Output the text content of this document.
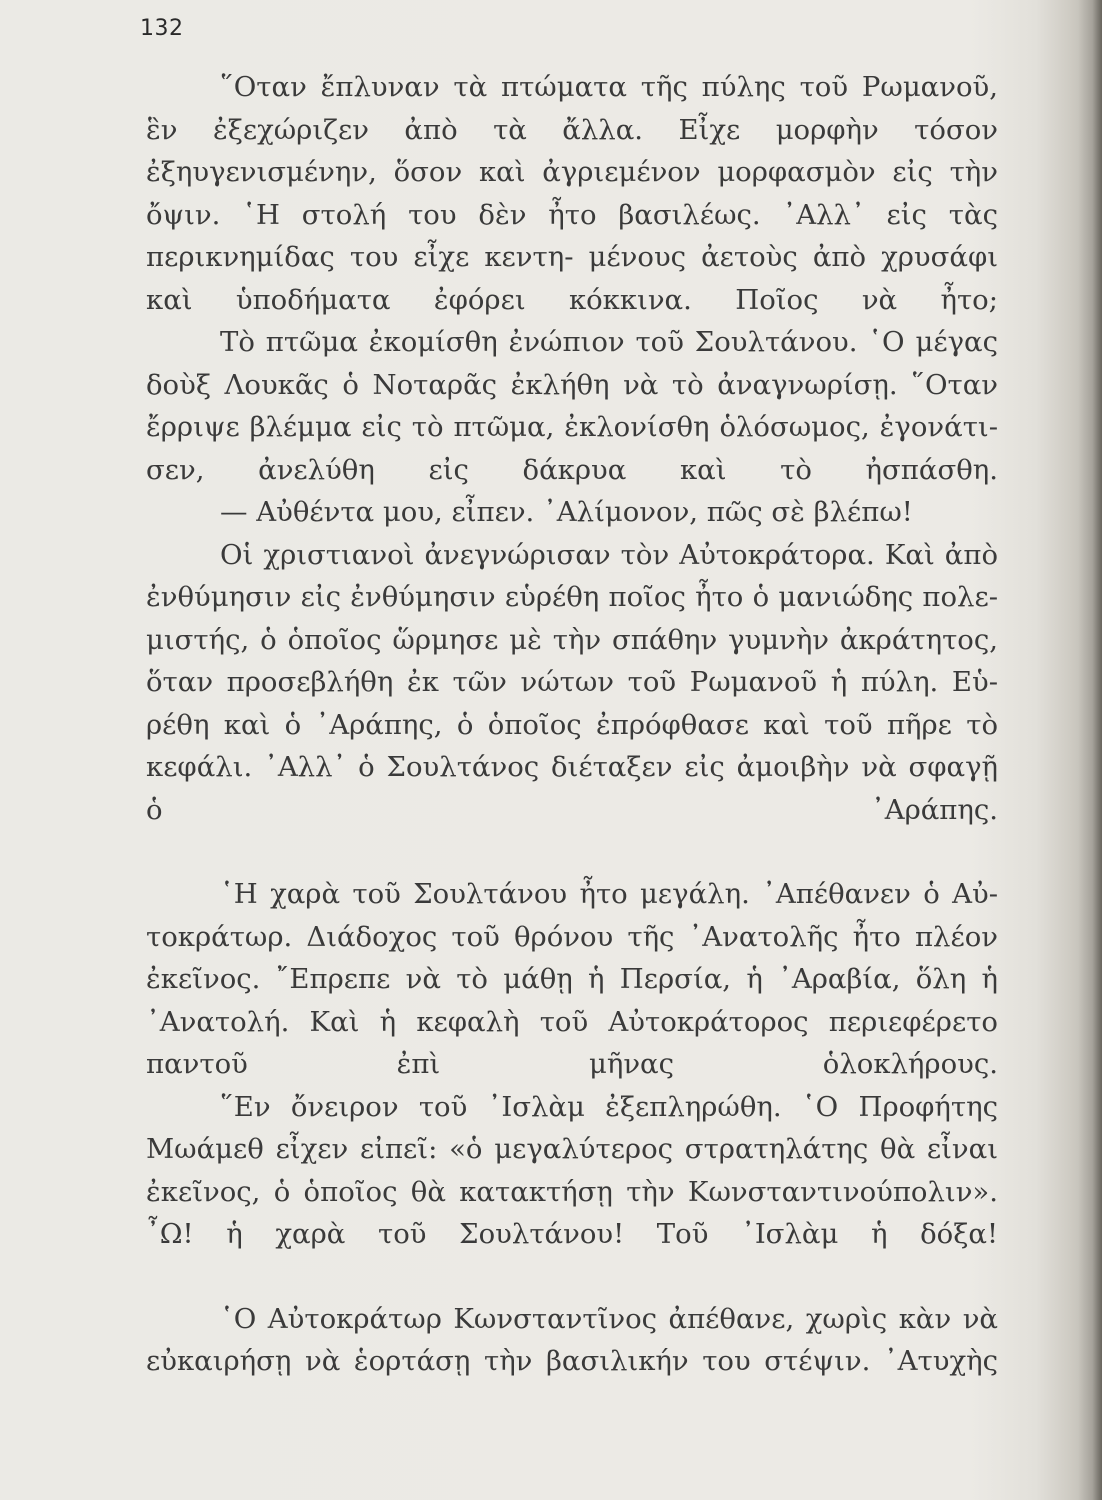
132

῞Οταν ἔπλυναν τὰ πτώματα τῆς πύλης τοῦ Ρωμανοῦ, ἓν ἐξεχώριζεν ἀπὸ τὰ ἄλλα. Εἶχε μορφὴν τόσον ἐξηυγενισμένην, ὅσον καὶ ἀγριεμένον μορφασμὸν εἰς τὴν ὄψιν. ῾Η στολή του δὲν ἦτο βασιλέως. ᾿Αλλ᾿ εἰς τὰς περικνημίδας του εἶχε κεντη- μένους ἀετοὺς ἀπὸ χρυσάφι καὶ ὑποδήματα ἐφόρει κόκκινα. Ποῖος νὰ ἦτο;

Τὸ πτῶμα ἐκομίσθη ἐνώπιον τοῦ Σουλτάνου. ῾Ο μέγας δοὺξ Λουκᾶς ὁ Νοταρᾶς ἐκλήθη νὰ τὸ ἀναγνωρίσῃ. ῞Οταν ἔρριψε βλέμμα εἰς τὸ πτῶμα, ἐκλονίσθη ὁλόσωμος, ἐγονάτι- σεν, ἀνελύθη εἰς δάκρυα καὶ τὸ ἠσπάσθη.

— Αὐθέντα μου, εἶπεν. ᾿Αλίμονον, πῶς σὲ βλέπω!

Οἱ χριστιανοὶ ἀνεγνώρισαν τὸν Αὐτοκράτορα. Καὶ ἀπὸ ἐνθύμησιν εἰς ἐνθύμησιν εὑρέθη ποῖος ἦτο ὁ μανιώδης πολε- μιστής, ὁ ὁποῖος ὥρμησε μὲ τὴν σπάθην γυμνὴν ἀκράτητος, ὅταν προσεβλήθη ἐκ τῶν νώτων τοῦ Ρωμανοῦ ἡ πύλη. Εὑ- ρέθη καὶ ὁ ᾿Αράπης, ὁ ὁποῖος ἐπρόφθασε καὶ τοῦ πῆρε τὸ κεφάλι. ᾿Αλλ᾿ ὁ Σουλτάνος διέταξεν εἰς ἀμοιβὴν νὰ σφαγῇ ὁ ᾿Αράπης.

῾Η χαρὰ τοῦ Σουλτάνου ἦτο μεγάλη. ᾿Απέθανεν ὁ Αὐ- τοκράτωρ. Διάδοχος τοῦ θρόνου τῆς ᾿Ανατολῆς ἦτο πλέον ἐκεῖνος. ῎Επρεπε νὰ τὸ μάθῃ ἡ Περσία, ἡ ᾿Αραβία, ὅλη ἡ ᾿Ανατολή. Καὶ ἡ κεφαλὴ τοῦ Αὐτοκράτορος περιεφέρετο παντοῦ ἐπὶ μῆνας ὁλοκλήρους.

῞Εν ὄνειρον τοῦ ᾿Ισλὰμ ἐξεπληρώθη. ῾Ο Προφήτης Μωάμεθ εἶχεν εἰπεῖ: «ὁ μεγαλύτερος στρατηλάτης θὰ εἶναι ἐκεῖνος, ὁ ὁποῖος θὰ κατακτήσῃ τὴν Κωνσταντινούπολιν». ῏Ω! ἡ χαρὰ τοῦ Σουλτάνου! Τοῦ ᾿Ισλὰμ ἡ δόξα!

῾Ο Αὐτοκράτωρ Κωνσταντῖνος ἀπέθανε, χωρὶς κὰν νὰ εὐκαιρήσῃ νὰ ἑορτάσῃ τὴν βασιλικήν του στέψιν. ᾿Ατυχὴς
